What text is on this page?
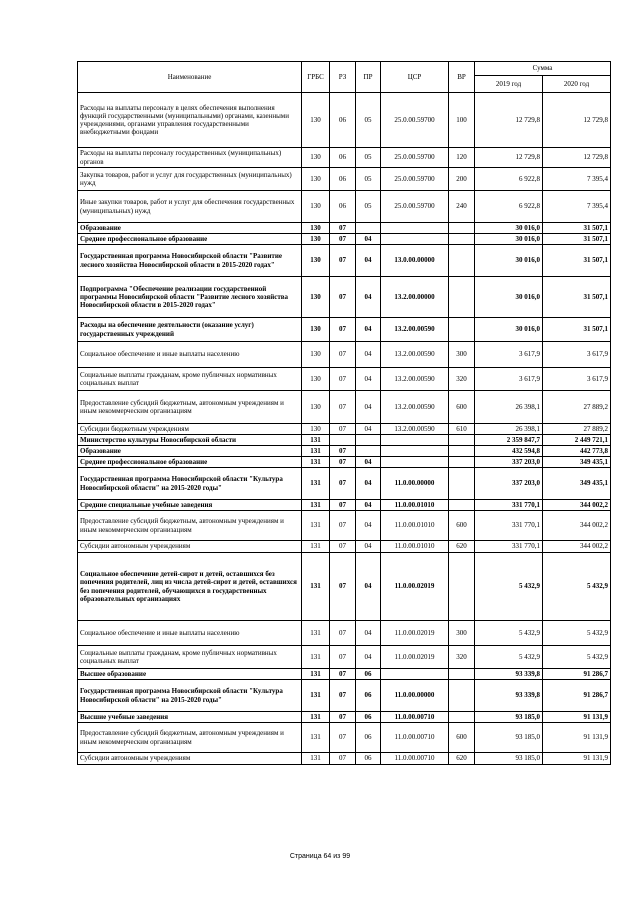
Наименование	ГРБС	РЗ	ПР	ЦСР	ВР	Сумма	
						2019 год	2020 год
Расходы на выплаты персоналу в целях обеспечения выполнения функций государственными (муниципальными) органами, казенными учреждениями, органами управления государственными внебюджетными фондами	130	06	05	25.0.00.59700	100	12 729,8	12 729,8
Расходы на выплаты персоналу государственных (муниципальных) органов	130	06	05	25.0.00.59700	120	12 729,8	12 729,8
Закупка товаров, работ и услуг для государственных (муниципальных) нужд	130	06	05	25.0.00.59700	200	6 922,8	7 395,4
Иные закупки товаров, работ и услуг для обеспечения государственных (муниципальных) нужд	130	06	05	25.0.00.59700	240	6 922,8	7 395,4
Образование	130	07				30 016,0	31 507,1
Среднее профессиональное образование	130	07	04			30 016,0	31 507,1
Государственная программа Новосибирской области "Развитие лесного хозяйства Новосибирской области в 2015-2020 годах"	130	07	04	13.0.00.00000		30 016,0	31 507,1
Подпрограмма "Обеспечение реализации государственной программы Новосибирской области "Развитие лесного хозяйства Новосибирской области в 2015-2020 годах"	130	07	04	13.2.00.00000		30 016,0	31 507,1
Расходы на обеспечение деятельности (оказание услуг) государственных учреждений	130	07	04	13.2.00.00590		30 016,0	31 507,1
Социальное обеспечение и иные выплаты населению	130	07	04	13.2.00.00590	300	3 617,9	3 617,9
Социальные выплаты гражданам, кроме публичных нормативных социальных выплат	130	07	04	13.2.00.00590	320	3 617,9	3 617,9
Предоставление субсидий бюджетным, автономным учреждениям и иным некоммерческим организациям	130	07	04	13.2.00.00590	600	26 398,1	27 889,2
Субсидии бюджетным учреждениям	130	07	04	13.2.00.00590	610	26 398,1	27 889,2
Министерство культуры Новосибирской области	131					2 359 847,7	2 449 721,1
Образование	131	07				432 594,8	442 773,8
Среднее профессиональное образование	131	07	04			337 203,0	349 435,1
Государственная программа Новосибирской области "Культура Новосибирской области" на 2015-2020 годы"	131	07	04	11.0.00.00000		337 203,0	349 435,1
Средние специальные учебные заведения	131	07	04	11.0.00.01010		331 770,1	344 002,2
Предоставление субсидий бюджетным, автономным учреждениям и иным некоммерческим организациям	131	07	04	11.0.00.01010	600	331 770,1	344 002,2
Субсидии автономным учреждениям	131	07	04	11.0.00.01010	620	331 770,1	344 002,2
Социальное обеспечение детей-сирот и детей, оставшихся без попечения родителей, лиц из числа детей-сирот и детей, оставшихся без попечения родителей, обучающихся в государственных образовательных организациях	131	07	04	11.0.00.02019		5 432,9	5 432,9
Социальное обеспечение и иные выплаты населению	131	07	04	11.0.00.02019	300	5 432,9	5 432,9
Социальные выплаты гражданам, кроме публичных нормативных социальных выплат	131	07	04	11.0.00.02019	320	5 432,9	5 432,9
Высшее образование	131	07	06			93 339,8	91 286,7
Государственная программа Новосибирской области "Культура Новосибирской области" на 2015-2020 годы"	131	07	06	11.0.00.00000		93 339,8	91 286,7
Высшие учебные заведения	131	07	06	11.0.00.00710		93 185,0	91 131,9
Предоставление субсидий бюджетным, автономным учреждениям и иным некоммерческим организациям	131	07	06	11.0.00.00710	600	93 185,0	91 131,9
Субсидии автономным учреждениям	131	07	06	11.0.00.00710	620	93 185,0	91 131,9
Страница 64 из 99
